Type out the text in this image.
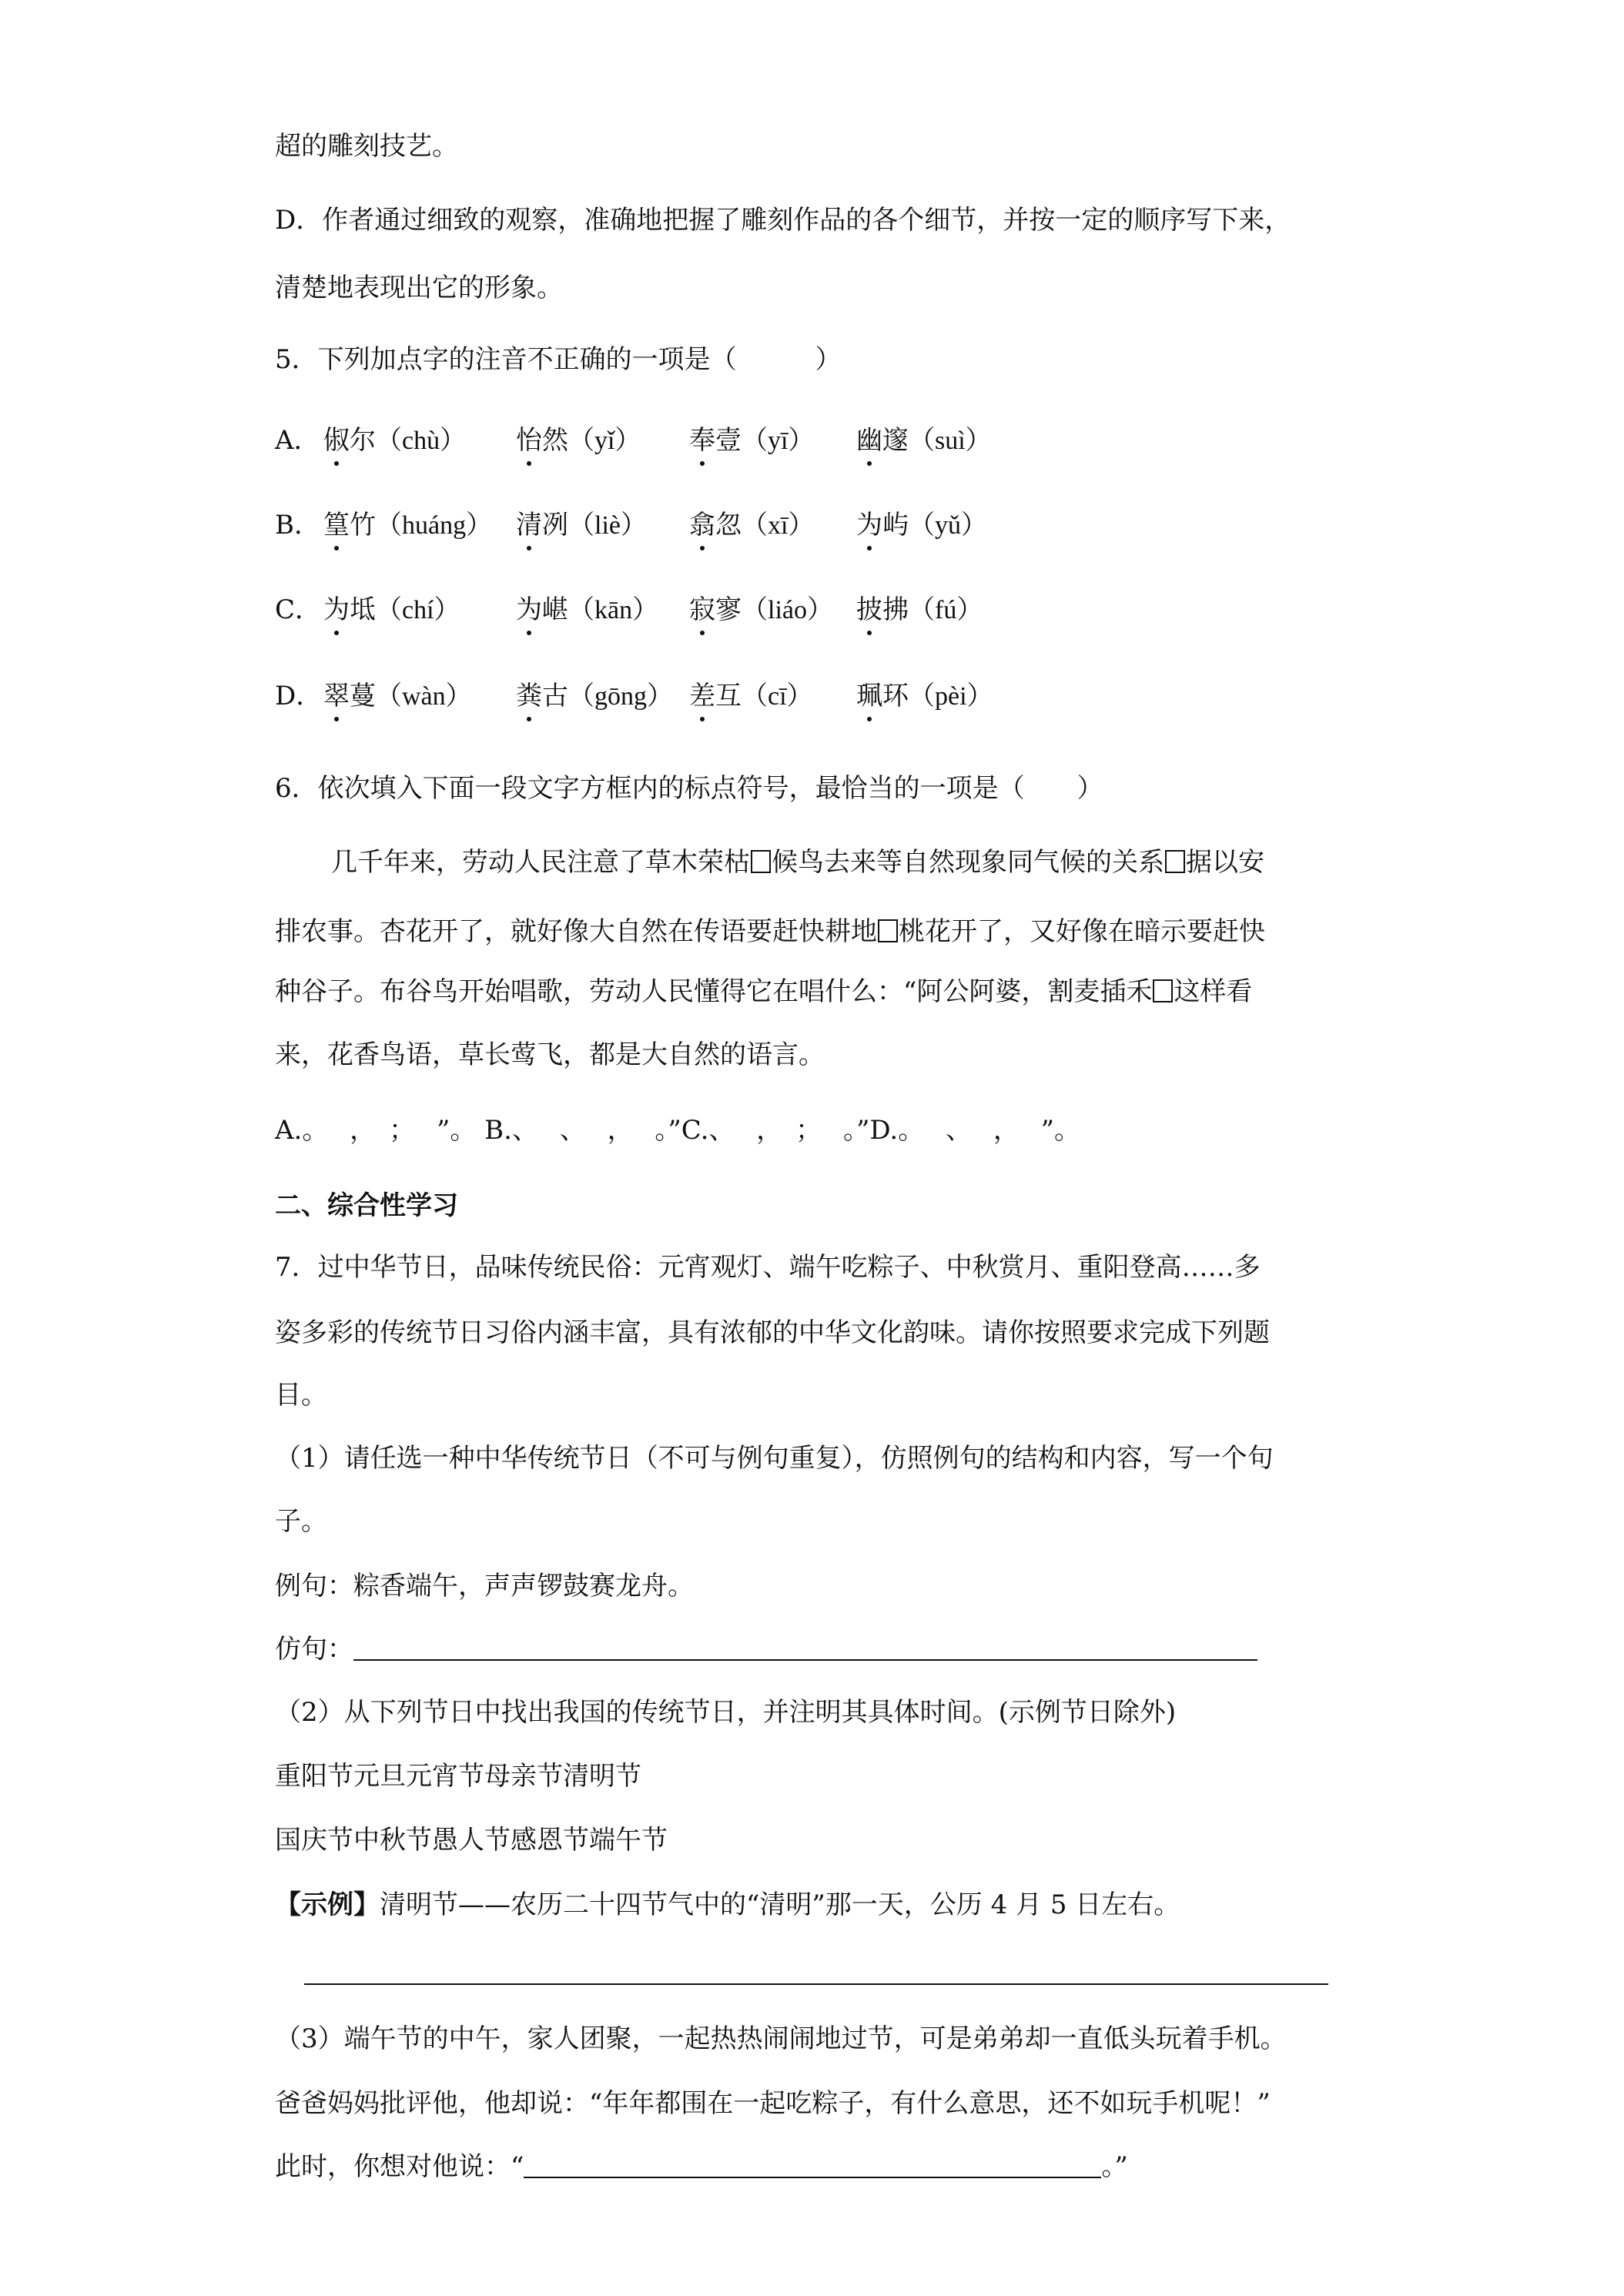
超的雕刻技艺。

D．作者通过细致的观察，准确地把握了雕刻作品的各个细节，并按一定的顺序写下来，

清楚地表现出它的形象。

5．下列加点字的注音不正确的一项是（　　　）

A． 俶尔（chù） 怡然（yǐ） 奉壹（yī） 幽邃（suì）

B． 篁竹（huáng） 清冽（liè） 翕忽（xī） 为屿（yǔ）

C． 为坻（chí） 为嵁（kān） 寂寥（liáo） 披拂（fú）

D． 翠蔓（wàn） 粪古（gōng） 差互（cī） 珮环（pèi）

6．依次填入下面一段文字方框内的标点符号，最恰当的一项是（　　）

几千年来，劳动人民注意了草木荣枯 候鸟去来等自然现象同气候的关系 据以安

排农事。杏花开了，就好像大自然在传语要赶快耕地 桃花开了，又好像在暗示要赶快

种谷子。布谷鸟开始唱歌，劳动人民懂得它在唱什么：“阿公阿婆，割麦插禾 这样看

来，花香鸟语，草长莺飞，都是大自然的语言。

A.。　 ，　；　 ”。 B.、　 、　 ，　 。”C.、　 ，　；　 。”D.。　 、　 ，　 ”。

二、综合性学习

7．过中华节日，品味传统民俗：元宵观灯、端午吃粽子、中秋赏月、重阳登高……多

姿多彩的传统节日习俗内涵丰富，具有浓郁的中华文化韵味。请你按照要求完成下列题

目。

（1）请任选一种中华传统节日（不可与例句重复），仿照例句的结构和内容，写一个句

子。

例句：粽香端午，声声锣鼓赛龙舟。

仿句：

（2）从下列节日中找出我国的传统节日，并注明其具体时间。(示例节日除外)

重阳节元旦元宵节母亲节清明节

国庆节中秋节愚人节感恩节端午节

【示例】清明节——农历二十四节气中的“清明”那一天，公历 4 月 5 日左右。

（3）端午节的中午，家人团聚，一起热热闹闹地过节，可是弟弟却一直低头玩着手机。

爸爸妈妈批评他，他却说：“年年都围在一起吃粽子，有什么意思，还不如玩手机呢！”

此时，你想对他说：“	。”
